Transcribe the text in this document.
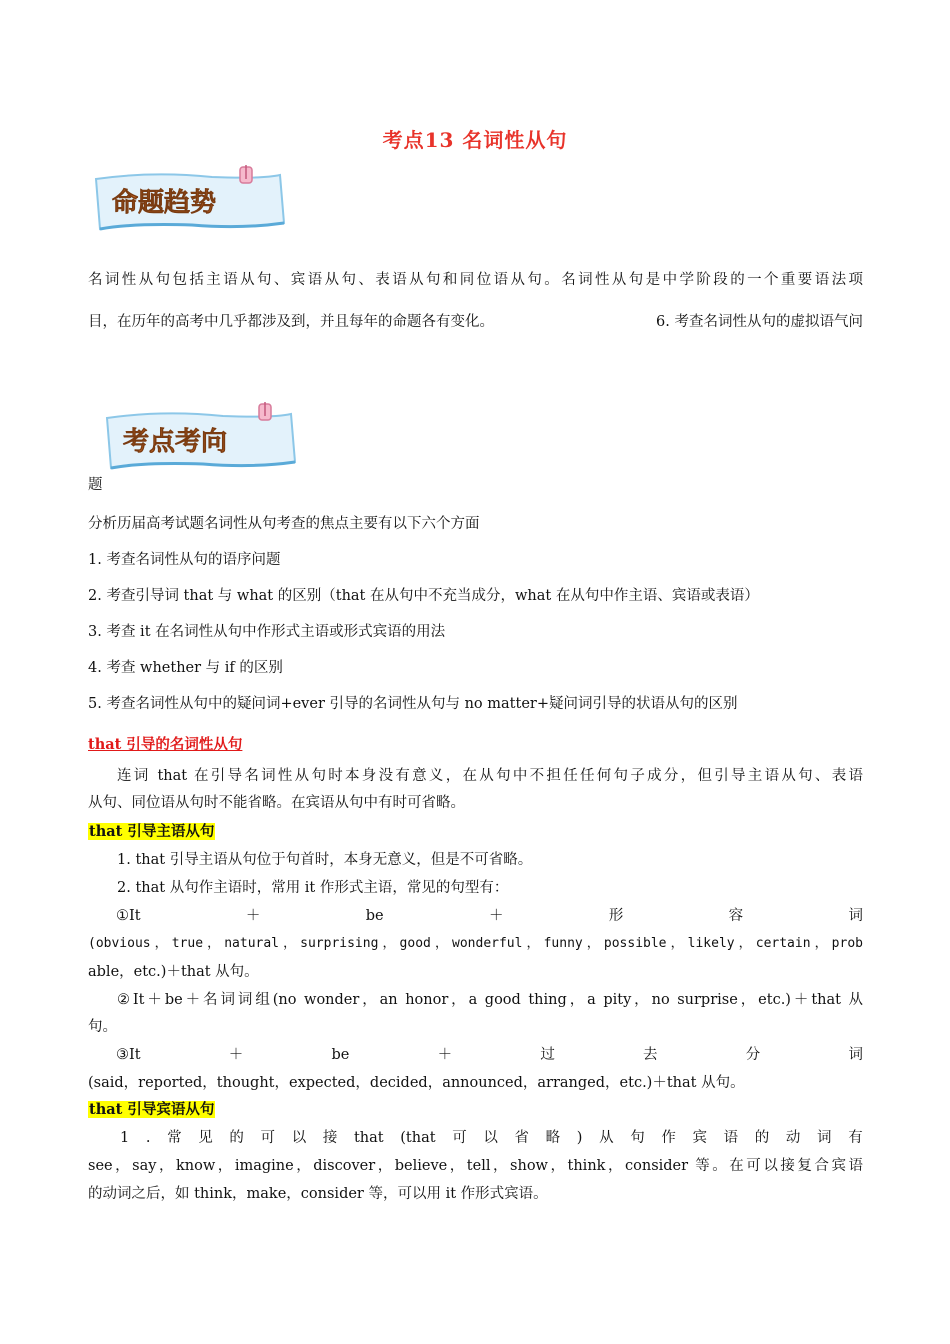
考点13 名词性从句
命题趋势
名词性从句包括主语从句、宾语从句、表语从句和同位语从句。名词性从句是中学阶段的一个重要语法项
目，在历年的高考中几乎都涉及到，并且每年的命题各有变化。	6. 考查名词性从句的虚拟语气问
考点考向
题
分析历届高考试题名词性从句考查的焦点主要有以下六个方面
1. 考查名词性从句的语序问题
2. 考查引导词 that 与 what 的区别（that 在从句中不充当成分，what 在从句中作主语、宾语或表语）
3. 考查 it 在名词性从句中作形式主语或形式宾语的用法
4. 考查 whether 与 if 的区别
5. 考查名词性从句中的疑问词+ever 引导的名词性从句与 no matter+疑问词引导的状语从句的区别
that 引导的名词性从句
连词 that 在引导名词性从句时本身没有意义，在从句中不担任任何句子成分，但引导主语从句、表语
从句、同位语从句时不能省略。在宾语从句中有时可省略。
that 引导主语从句
1. that 引导主语从句位于句首时，本身无意义，但是不可省略。
2. that 从句作主语时，常用 it 作形式主语，常见的句型有：
①It	＋	be	＋	形	容	词
(obvious，true，natural，surprising，good，wonderful，funny，possible，likely，certain，prob
able，etc.)＋that 从句。
②It＋be＋名词词组(no wonder，an honor，a good thing，a pity，no surprise，etc.)＋that 从
句。
③It	＋	be	＋	过	去	分	词
(said，reported，thought，expected，decided，announced，arranged，etc.)＋that 从句。
that 引导宾语从句
1 . 常 见 的 可 以 接 that (that 可 以 省 略 ) 从 句 作 宾 语 的 动 词 有
see，say，know，imagine，discover，believe，tell，show，think，consider 等。在可以接复合宾语
的动词之后，如 think，make，consider 等，可以用 it 作形式宾语。
